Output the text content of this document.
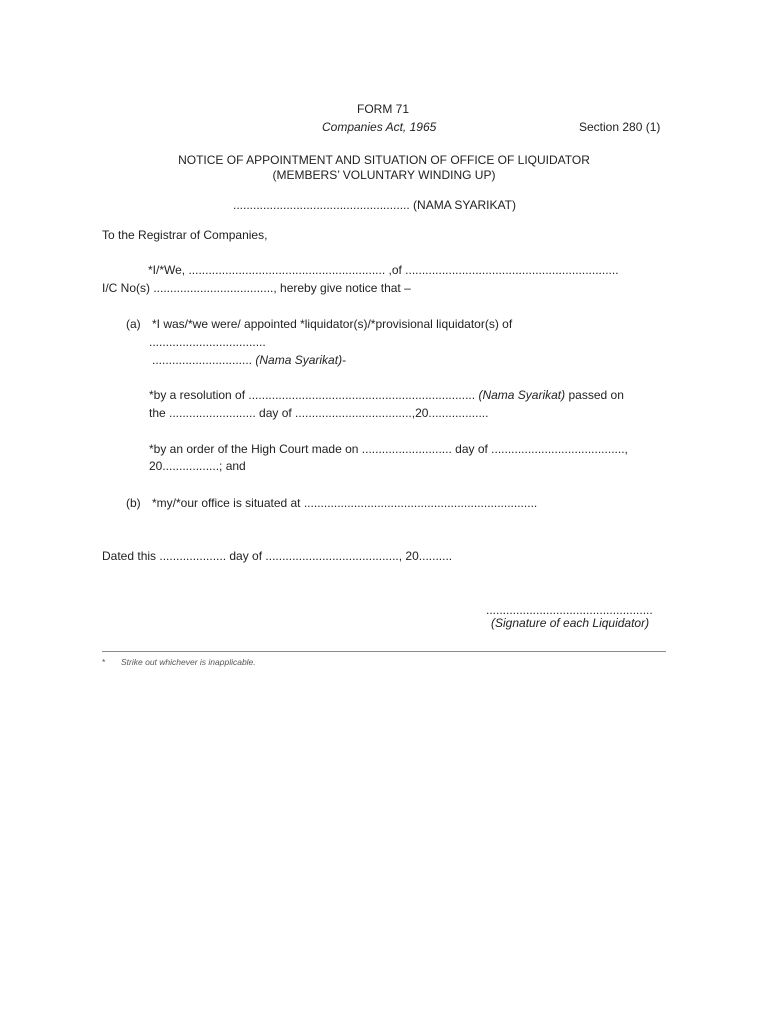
FORM 71
Companies Act, 1965	Section 280 (1)
NOTICE OF APPOINTMENT AND SITUATION OF OFFICE OF LIQUIDATOR
(MEMBERS’ VOLUNTARY WINDING UP)
..................................................... (NAMA SYARIKAT)
To the Registrar of Companies,
*I/*We, ........................................................... ,of ................................................................
I/C No(s) ...................................., hereby give notice that –
(a) *I was/*we were/ appointed *liquidator(s)/*provisional liquidator(s) of
...................................
.............................. (Nama Syarikat)-
*by a resolution of .................................................................... (Nama Syarikat) passed on
the .......................... day of ...................................,20..................
*by an order of the High Court made on ........................... day of ........................................,
20.................; and
(b) *my/*our office is situated at ......................................................................
Dated this .................... day of ........................................, 20..........
..................................................
(Signature of each Liquidator)
* Strike out whichever is inapplicable.
